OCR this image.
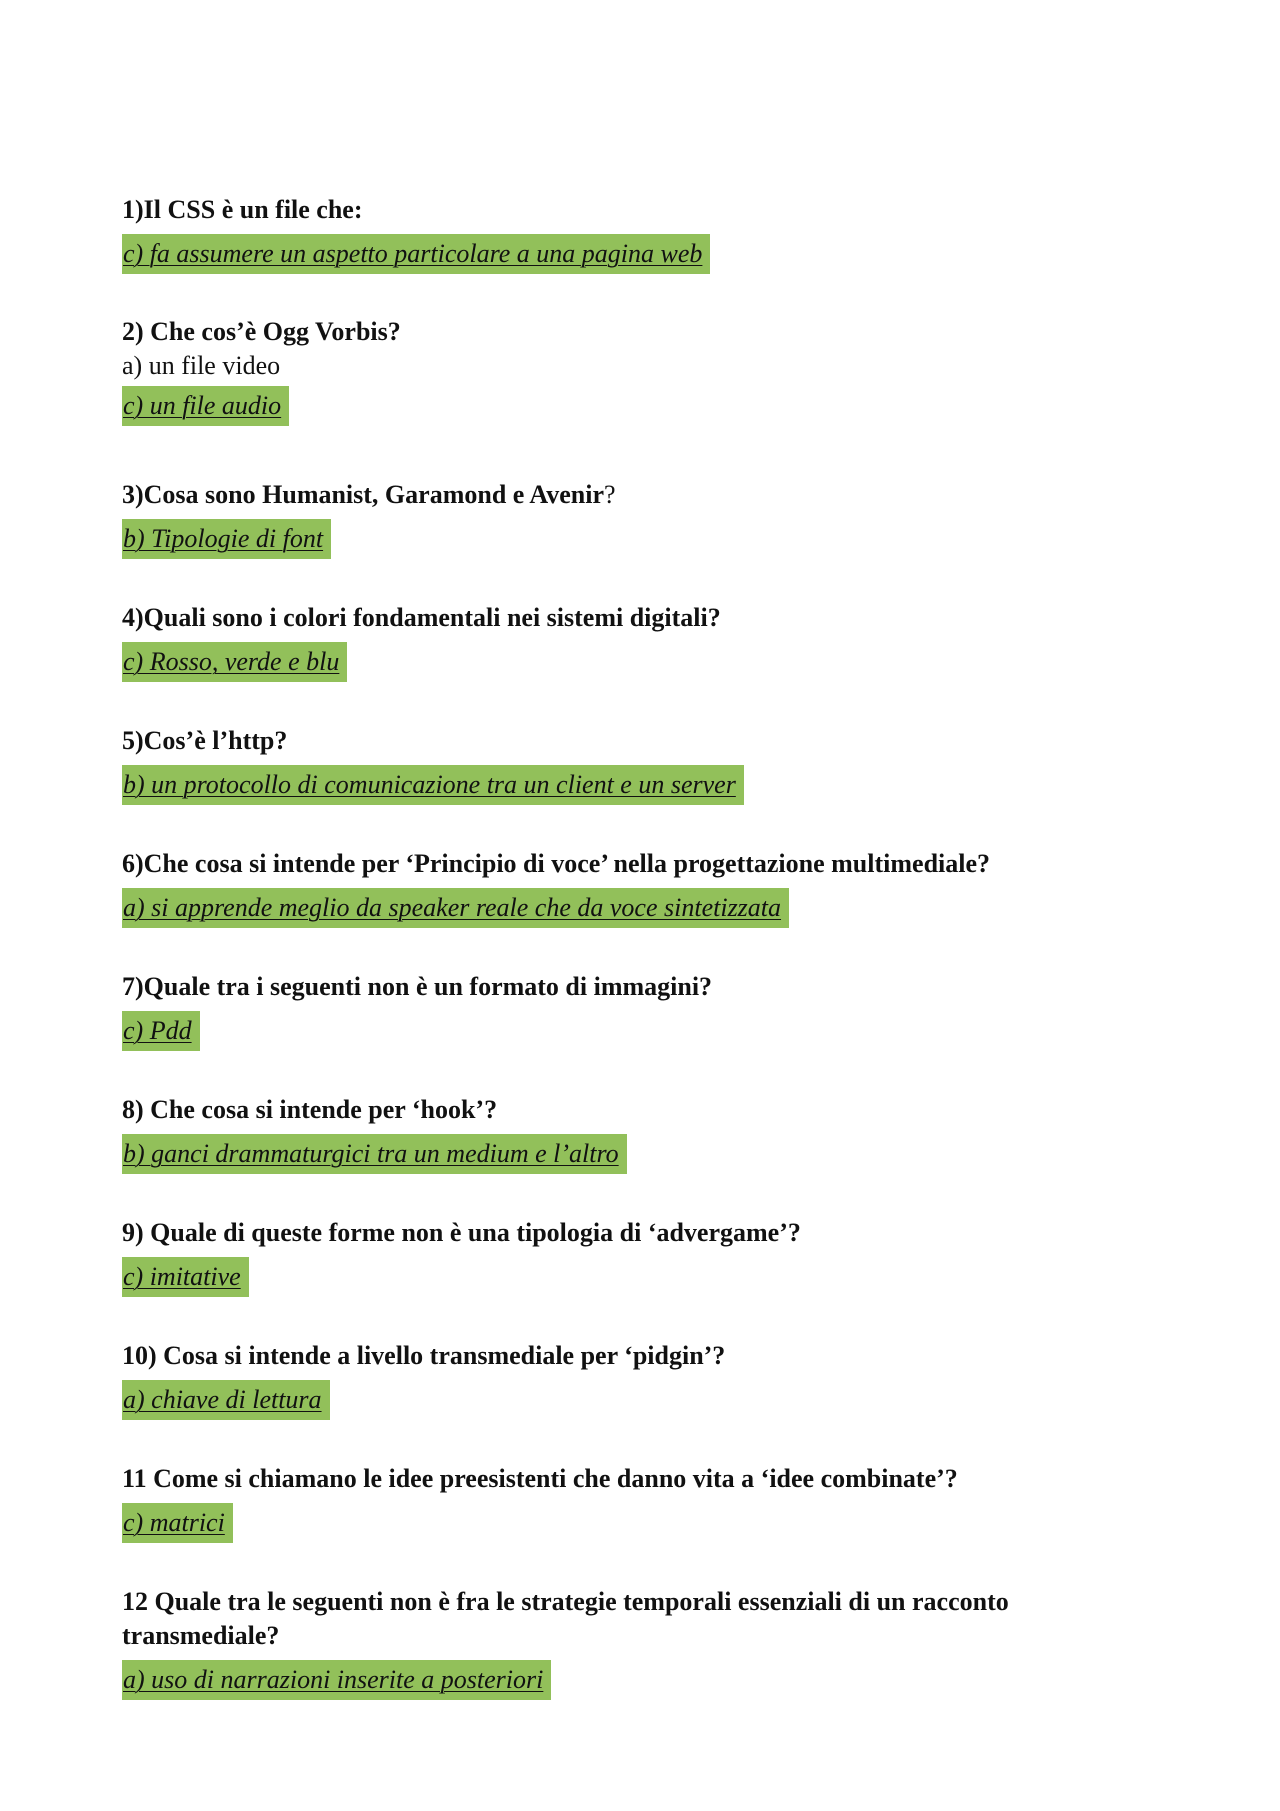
1)Il CSS è un file che:

c) fa assumere un aspetto particolare a una pagina web

2) Che cos’è Ogg Vorbis?

a) un file video

c) un file audio

3)Cosa sono Humanist, Garamond e Avenir?

b) Tipologie di font

4)Quali sono i colori fondamentali nei sistemi digitali?

c) Rosso, verde e blu

5)Cos’è l’http?

b) un protocollo di comunicazione tra un client e un server

6)Che cosa si intende per ‘Principio di voce’ nella progettazione multimediale?

a) si apprende meglio da speaker reale che da voce sintetizzata

7)Quale tra i seguenti non è un formato di immagini?

c) Pdd

8) Che cosa si intende per ‘hook’?

b) ganci drammaturgici tra un medium e l’altro

9) Quale di queste forme non è una tipologia di ‘advergame’?

c) imitative

10) Cosa si intende a livello transmediale per ‘pidgin’?

a) chiave di lettura

11 Come si chiamano le idee preesistenti che danno vita a ‘idee combinate’?

c) matrici

12 Quale tra le seguenti non è fra le strategie temporali essenziali di un racconto transmediale?

a) uso di narrazioni inserite a posteriori
